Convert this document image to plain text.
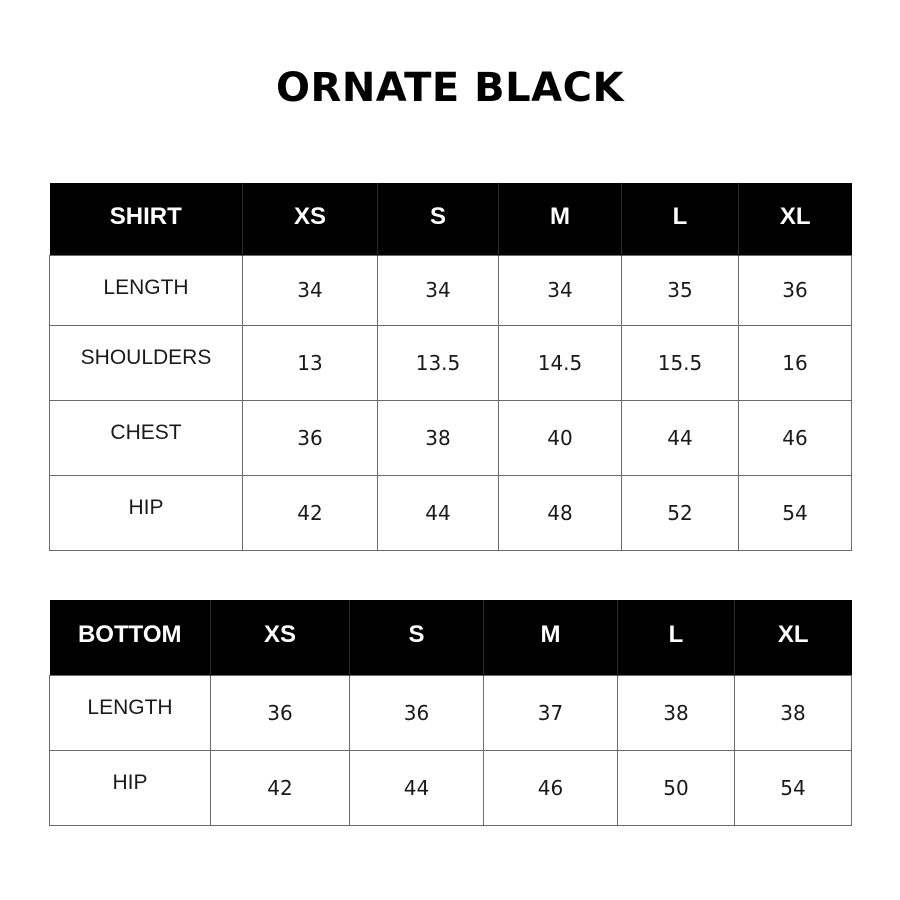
ORNATE BLACK
SHIRT	XS	S	M	L	XL
LENGTH	34	34	34	35	36
SHOULDERS	13	13.5	14.5	15.5	16
CHEST	36	38	40	44	46
HIP	42	44	48	52	54
BOTTOM	XS	S	M	L	XL
LENGTH	36	36	37	38	38
HIP	42	44	46	50	54
